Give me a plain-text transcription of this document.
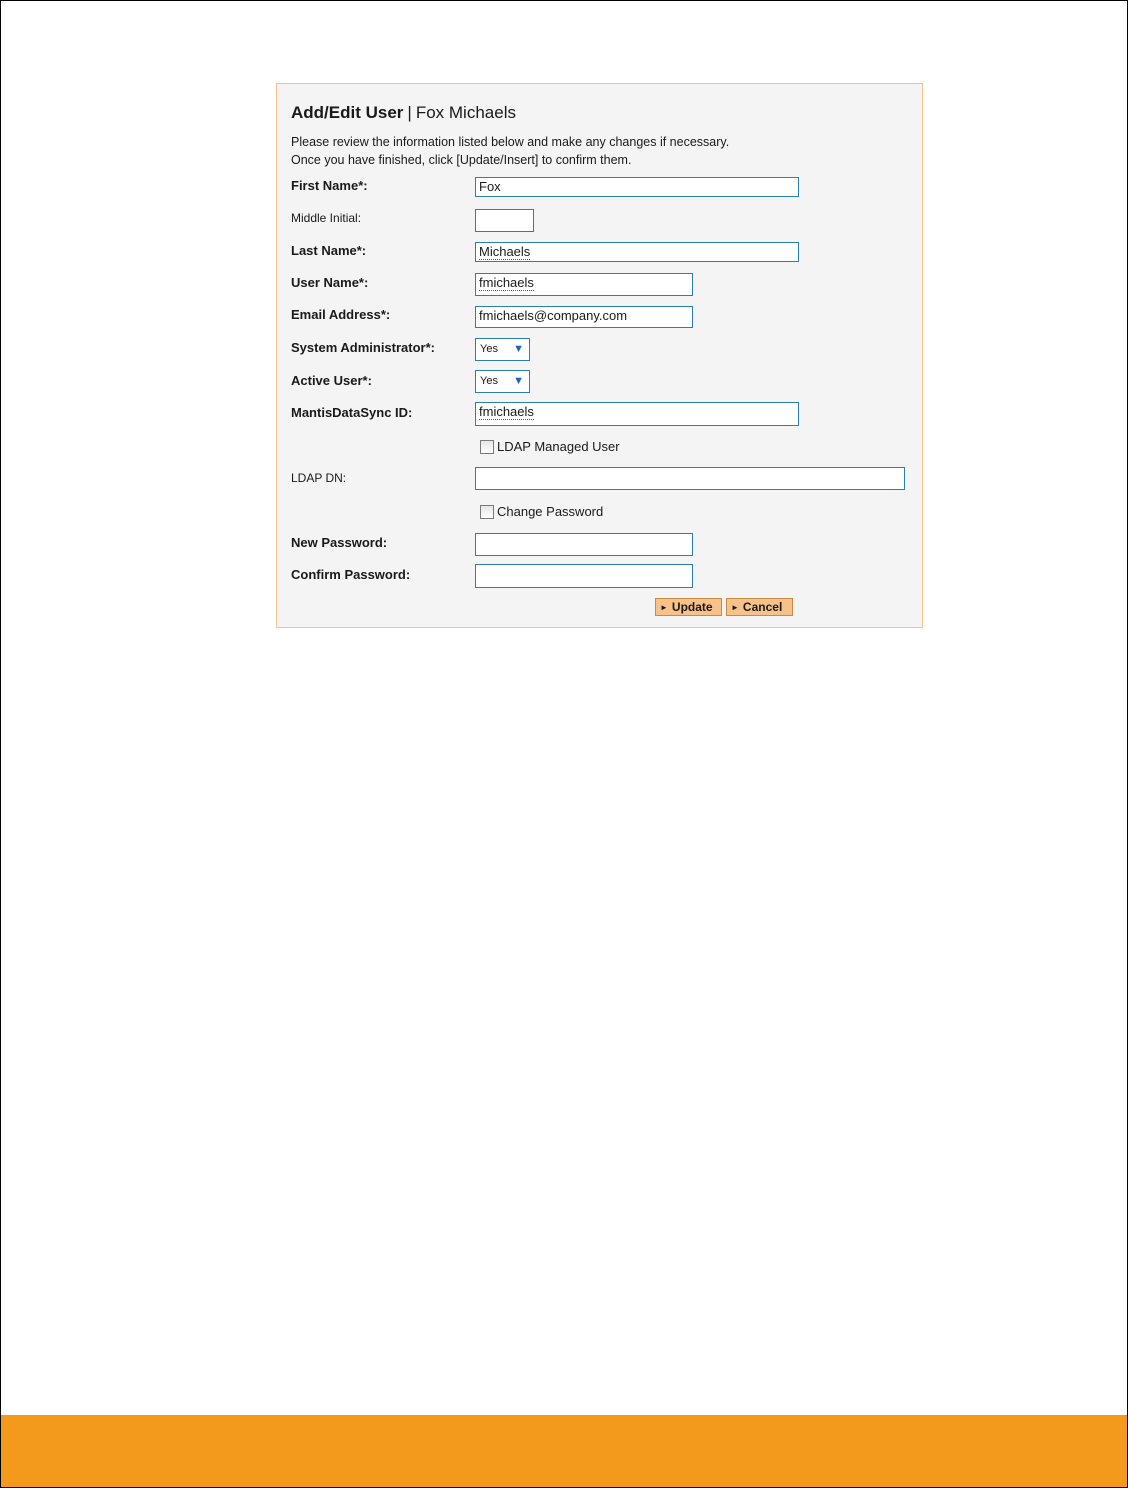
Add/Edit User | Fox Michaels
Please review the information listed below and make any changes if necessary.
Once you have finished, click [Update/Insert] to confirm them.
First Name*:	Fox
Middle Initial:
Last Name*:	Michaels
User Name*:	fmichaels
Email Address*:	fmichaels@company.com
System Administrator*:	Yes ▼
Active User*:	Yes ▼
MantisDataSync ID:	fmichaels
LDAP Managed User
LDAP DN:
Change Password
New Password:
Confirm Password:
► Update ► Cancel
